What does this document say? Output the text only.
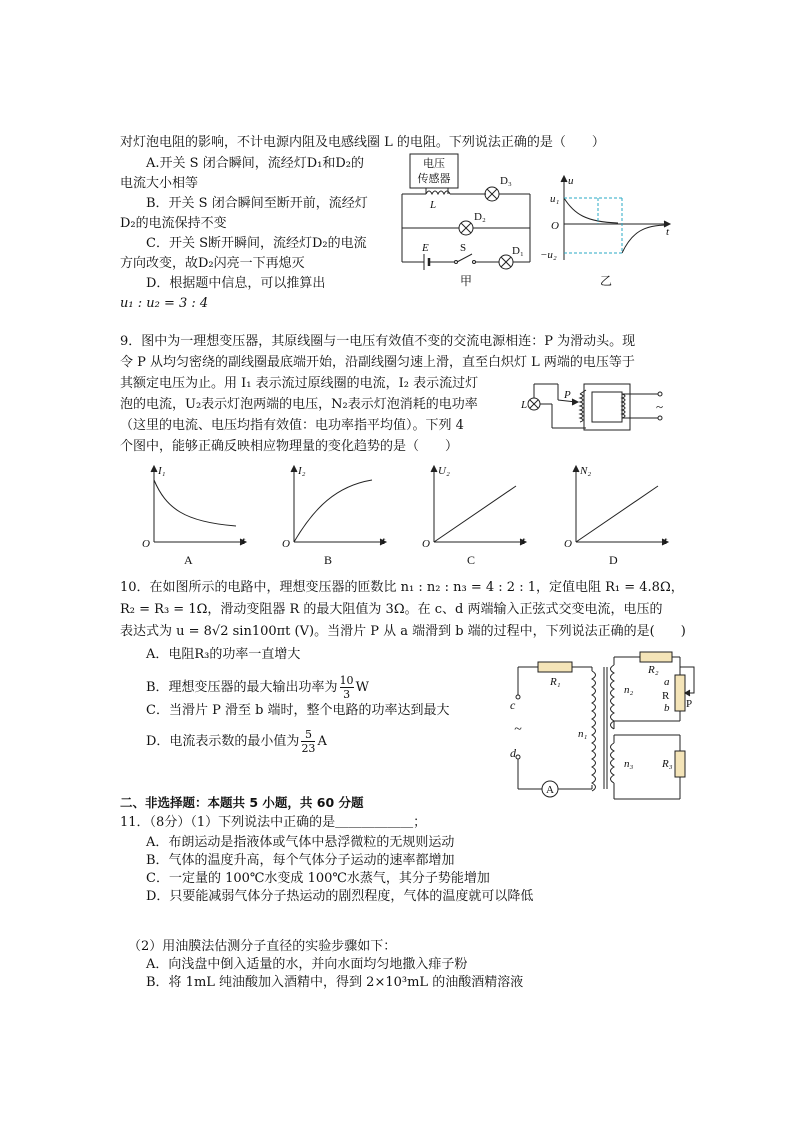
对灯泡电阻的影响，不计电源内阻及电感线圈 L 的电阻。下列说法正确的是（　　）
A.开关 S 闭合瞬间，流经灯D₁和D₂的
电流大小相等
B．开关 S 闭合瞬间至断开前，流经灯
D₂的电流保持不变
C．开关 S断开瞬间，流经灯D₂的电流
方向改变，故D₂闪亮一下再熄灭
D．根据题中信息，可以推算出
u₁ : u₂ = 3 : 4
电压
传感器
L
D₃
D₂
D₁
E	S
甲
u
u₁
O	t
−u₂
乙
9．图中为一理想变压器，其原线圈与一电压有效值不变的交流电源相连：P 为滑动头。现
令 P 从均匀密绕的副线圈最底端开始，沿副线圈匀速上滑，直至白炽灯 L 两端的电压等于
其额定电压为止。用 I₁ 表示流过原线圈的电流，I₂ 表示流过灯
泡的电流，U₂表示灯泡两端的电压，N₂表示灯泡消耗的电功率
（这里的电流、电压均指有效值：电功率指平均值）。下列 4
个图中，能够正确反映相应物理量的变化趋势的是（　　）
L
P
~
I₁
O	t
A
I₂
O	t
B
U₂
O	t
C
N₂
O	t
D
10．在如图所示的电路中，理想变压器的匝数比 n₁ : n₂ : n₃ = 4 : 2 : 1，定值电阻 R₁ = 4.8Ω，
R₂ = R₃ = 1Ω，滑动变阻器 R 的最大阻值为 3Ω。在 c、d 两端输入正弦式交变电流，电压的
表达式为 u = 8√2 sin100πt (V)。当滑片 P 从 a 端滑到 b 端的过程中，下列说法正确的是(　　)
A．电阻R₃的功率一直增大
B．理想变压器的最大输出功率为 $\frac{10}{3}$ W
C．当滑片 P 滑至 b 端时，整个电路的功率达到最大
D．电流表示数的最小值为 $\frac{5}{23}$ A
R₁
R₂
R₃
R
a
b P
c
~
d
n₁
n₂
n₃
A
二、非选择题：本题共 5 小题，共 60 分题
11．（8分）（1）下列说法中正确的是＿＿＿＿＿＿；
A．布朗运动是指液体或气体中悬浮微粒的无规则运动
B．气体的温度升高，每个气体分子运动的速率都增加
C．一定量的 100℃水变成 100℃水蒸气，其分子势能增加
D．只要能减弱气体分子热运动的剧烈程度，气体的温度就可以降低
（2）用油膜法估测分子直径的实验步骤如下：
A．向浅盘中倒入适量的水，并向水面均匀地撒入痱子粉
B．将 1mL 纯油酸加入酒精中，得到 2×10³mL 的油酸酒精溶液
